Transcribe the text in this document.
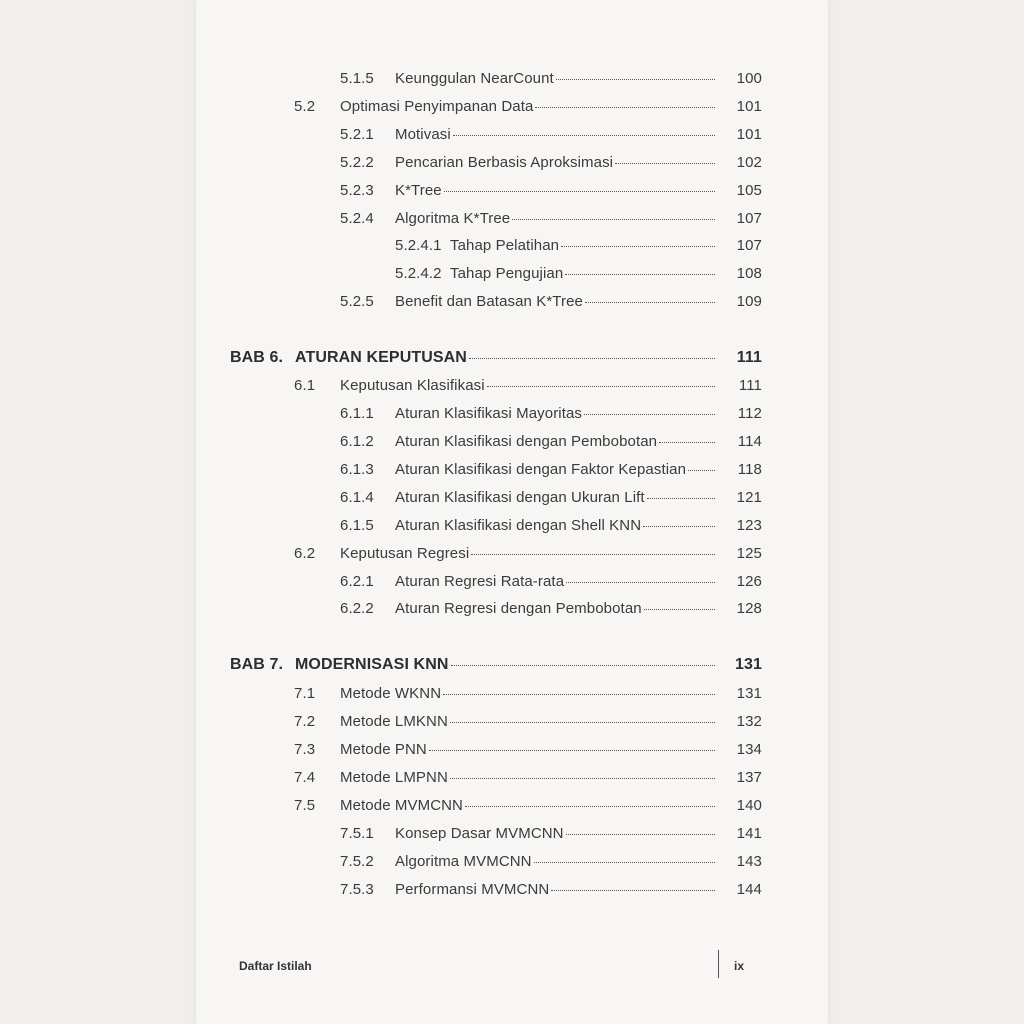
5.1.5 Keunggulan NearCount	100
5.2 Optimasi Penyimpanan Data	101
5.2.1 Motivasi	101
5.2.2 Pencarian Berbasis Aproksimasi	102
5.2.3 K*Tree	105
5.2.4 Algoritma K*Tree	107
5.2.4.1 Tahap Pelatihan	107
5.2.4.2 Tahap Pengujian	108
5.2.5 Benefit dan Batasan K*Tree	109
BAB 6. ATURAN KEPUTUSAN	111
6.1 Keputusan Klasifikasi	111
6.1.1 Aturan Klasifikasi Mayoritas	112
6.1.2 Aturan Klasifikasi dengan Pembobotan	114
6.1.3 Aturan Klasifikasi dengan Faktor Kepastian	118
6.1.4 Aturan Klasifikasi dengan Ukuran Lift	121
6.1.5 Aturan Klasifikasi dengan Shell KNN	123
6.2 Keputusan Regresi	125
6.2.1 Aturan Regresi Rata-rata	126
6.2.2 Aturan Regresi dengan Pembobotan	128
BAB 7. MODERNISASI KNN	131
7.1 Metode WKNN	131
7.2 Metode LMKNN	132
7.3 Metode PNN	134
7.4 Metode LMPNN	137
7.5 Metode MVMCNN	140
7.5.1 Konsep Dasar MVMCNN	141
7.5.2 Algoritma MVMCNN	143
7.5.3 Performansi MVMCNN	144
Daftar Istilah	ix
